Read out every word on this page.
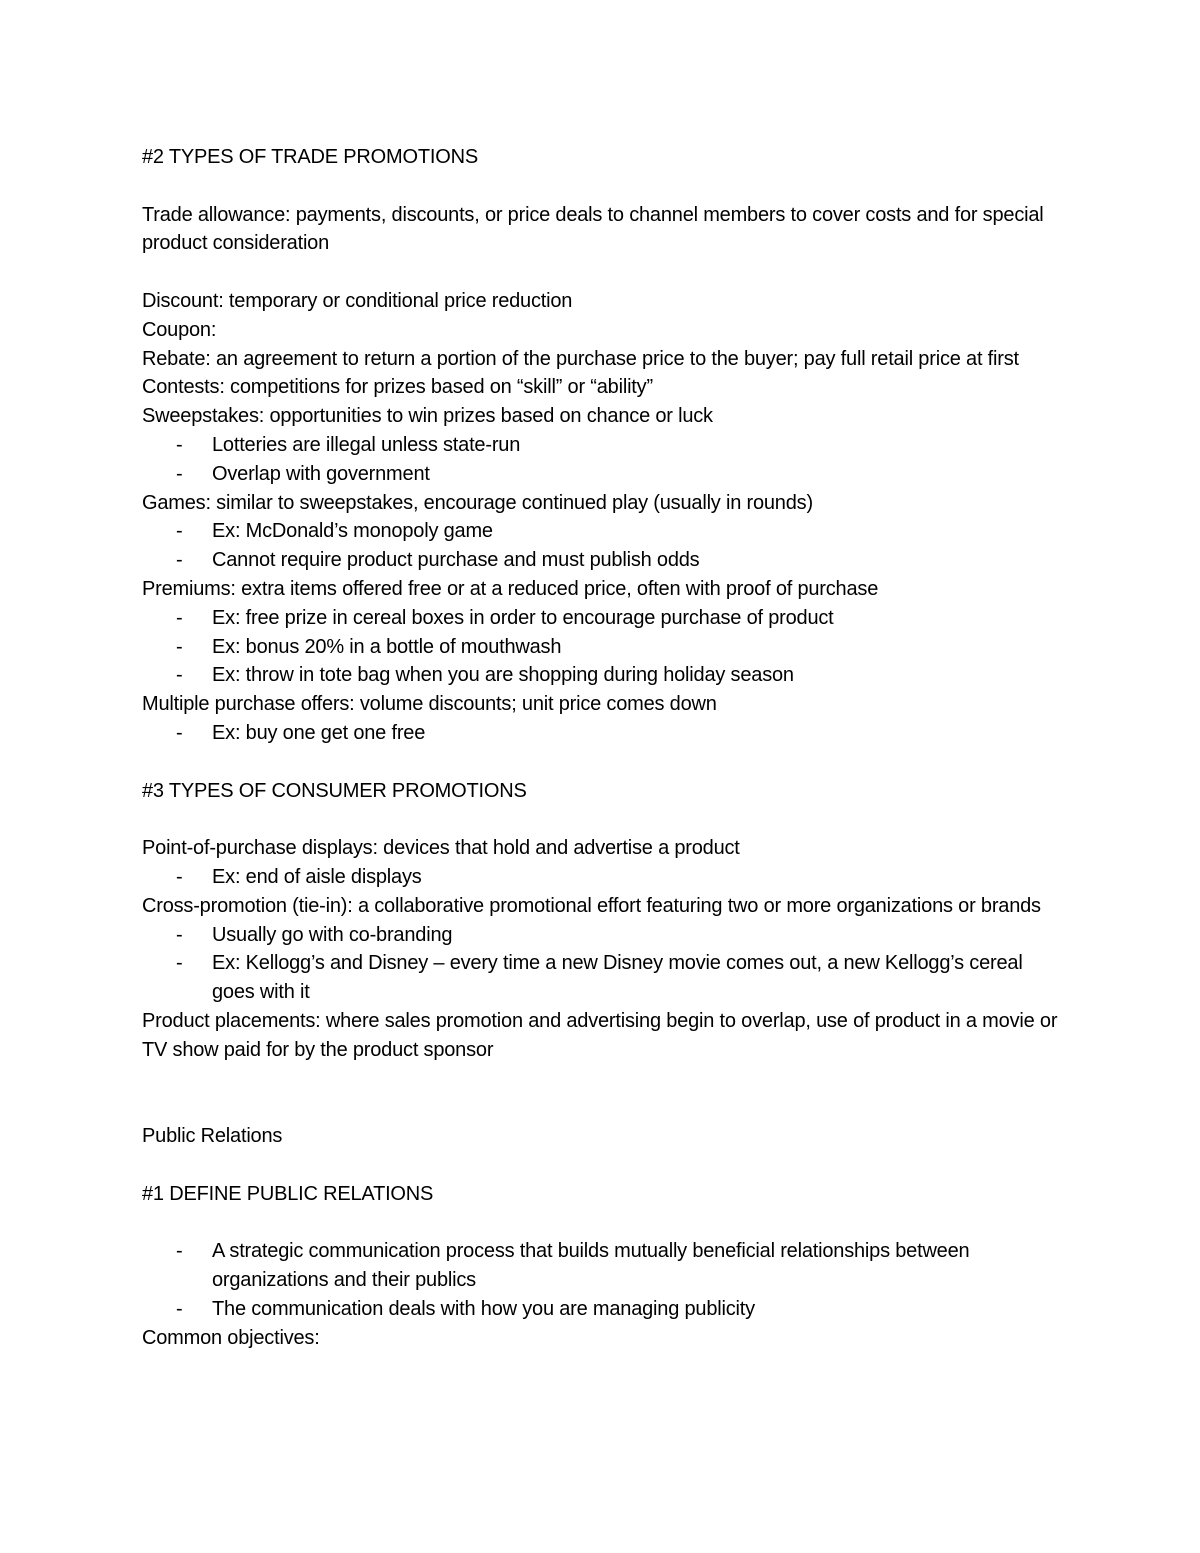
#2 TYPES OF TRADE PROMOTIONS

Trade allowance: payments, discounts, or price deals to channel members to cover costs and for special product consideration

Discount: temporary or conditional price reduction

Coupon:

Rebate: an agreement to return a portion of the purchase price to the buyer; pay full retail price at first

Contests: competitions for prizes based on “skill” or “ability”

Sweepstakes: opportunities to win prizes based on chance or luck

- Lotteries are illegal unless state-run
- Overlap with government

Games: similar to sweepstakes, encourage continued play (usually in rounds)

- Ex: McDonald’s monopoly game
- Cannot require product purchase and must publish odds

Premiums: extra items offered free or at a reduced price, often with proof of purchase

- Ex: free prize in cereal boxes in order to encourage purchase of product
- Ex: bonus 20% in a bottle of mouthwash
- Ex: throw in tote bag when you are shopping during holiday season

Multiple purchase offers: volume discounts; unit price comes down

- Ex: buy one get one free

#3 TYPES OF CONSUMER PROMOTIONS

Point-of-purchase displays: devices that hold and advertise a product

- Ex: end of aisle displays

Cross-promotion (tie-in): a collaborative promotional effort featuring two or more organizations or brands

- Usually go with co-branding
- Ex: Kellogg’s and Disney – every time a new Disney movie comes out, a new Kellogg’s cereal goes with it

Product placements: where sales promotion and advertising begin to overlap, use of product in a movie or TV show paid for by the product sponsor

Public Relations

#1 DEFINE PUBLIC RELATIONS

- A strategic communication process that builds mutually beneficial relationships between organizations and their publics
- The communication deals with how you are managing publicity

Common objectives:
